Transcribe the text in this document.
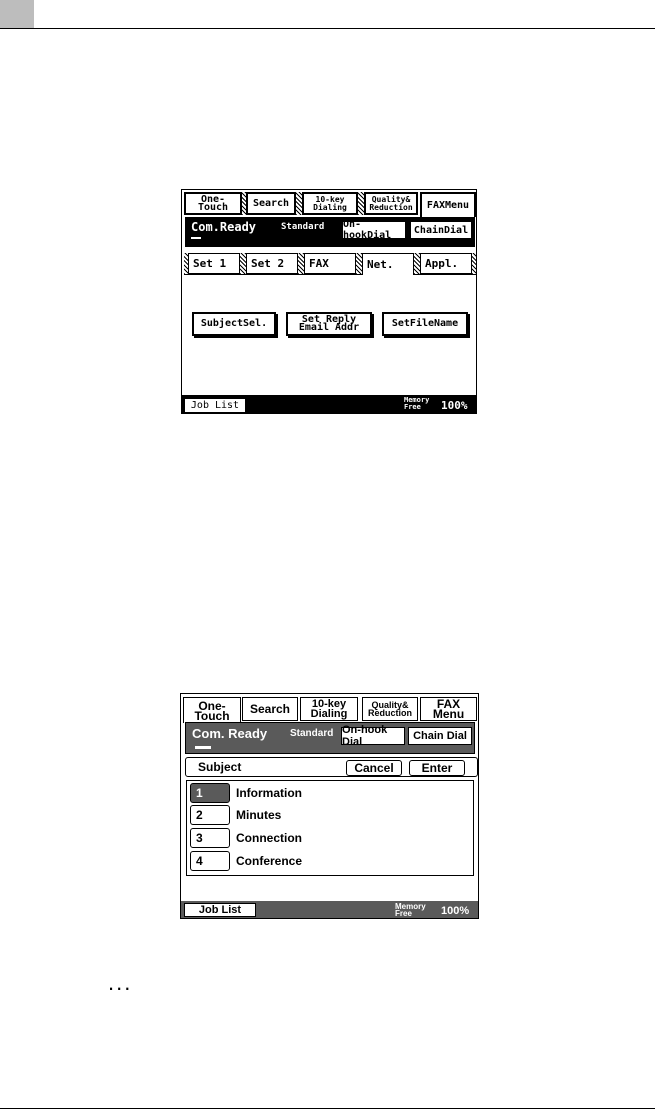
One-Touch	Search	10-key Dialing
Quality& Reduction	FAXMenu
Com.Ready	Standard On-hookDial	ChainDial
Set 1	Set 2	FAX	Net.	Appl.
SubjectSel.	Set Reply Email Addr	SetFileName
Job List	Memory
Free	100%
One-Touch	Search	10-key Dialing
Quality& Reduction
FAX Menu
Com. Ready Standard On-hook Dial	Chain Dial
Subject	Cancel	Enter
1	Information
2	Minutes
3	Connection
4	Conference
Job List	Memory
Free	100%
...
